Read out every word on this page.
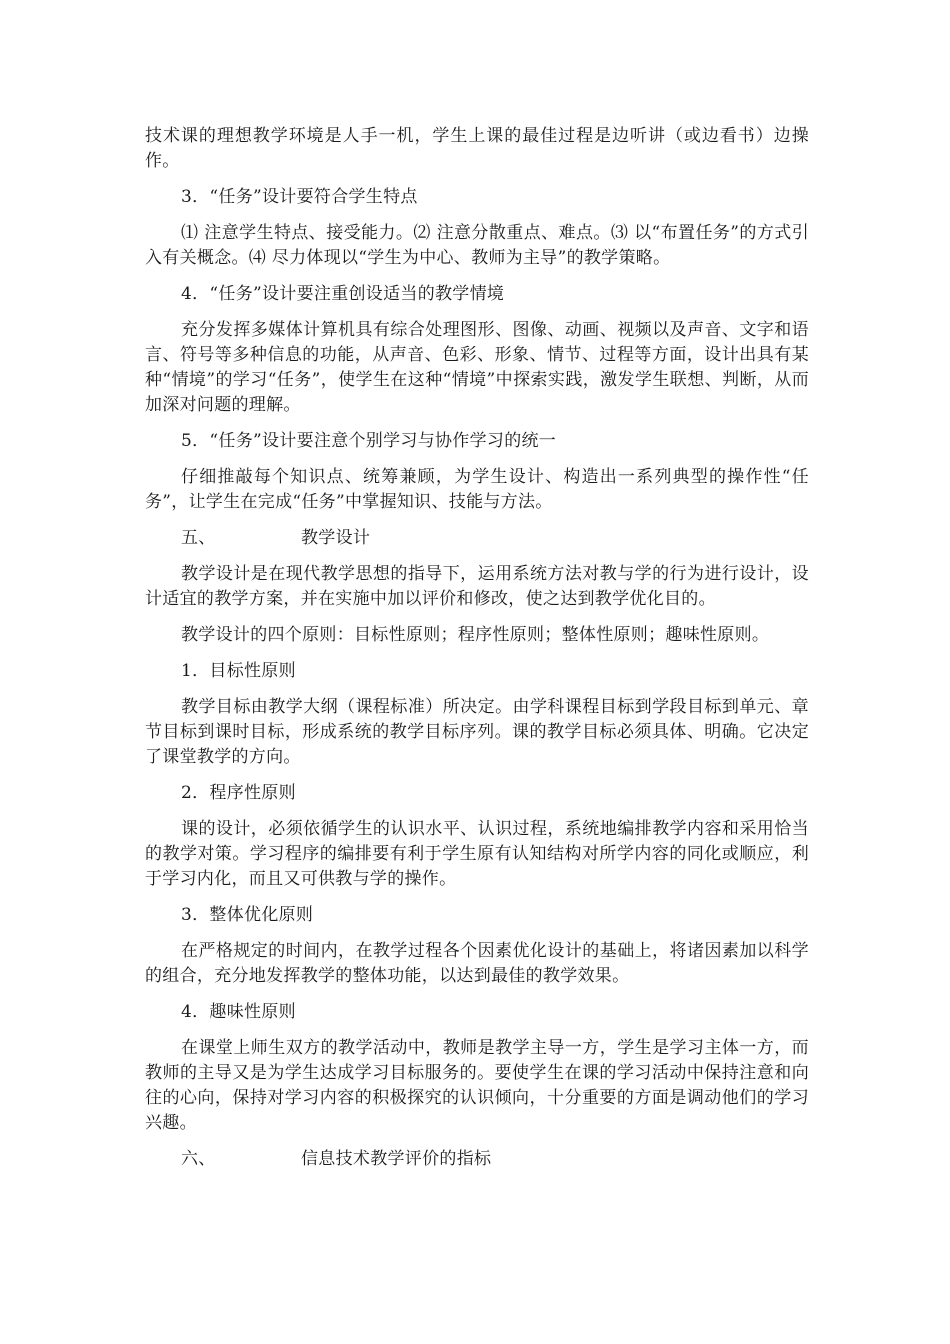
技术课的理想教学环境是人手一机，学生上课的最佳过程是边听讲（或边看书）边操作。

3．“任务”设计要符合学生特点

⑴ 注意学生特点、接受能力。⑵ 注意分散重点、难点。⑶ 以“布置任务”的方式引入有关概念。⑷ 尽力体现以“学生为中心、教师为主导”的教学策略。

4．“任务”设计要注重创设适当的教学情境

充分发挥多媒体计算机具有综合处理图形、图像、动画、视频以及声音、文字和语言、符号等多种信息的功能，从声音、色彩、形象、情节、过程等方面，设计出具有某种“情境”的学习“任务”，使学生在这种“情境”中探索实践，激发学生联想、判断，从而加深对问题的理解。

5．“任务”设计要注意个别学习与协作学习的统一

仔细推敲每个知识点、统筹兼顾，为学生设计、构造出一系列典型的操作性“任务”，让学生在完成“任务”中掌握知识、技能与方法。

五、	教学设计

教学设计是在现代教学思想的指导下，运用系统方法对教与学的行为进行设计，设计适宜的教学方案，并在实施中加以评价和修改，使之达到教学优化目的。

教学设计的四个原则：目标性原则；程序性原则；整体性原则；趣味性原则。

1．目标性原则

教学目标由教学大纲（课程标准）所决定。由学科课程目标到学段目标到单元、章节目标到课时目标，形成系统的教学目标序列。课的教学目标必须具体、明确。它决定了课堂教学的方向。

2．程序性原则

课的设计，必须依循学生的认识水平、认识过程，系统地编排教学内容和采用恰当的教学对策。学习程序的编排要有利于学生原有认知结构对所学内容的同化或顺应，利于学习内化，而且又可供教与学的操作。

3．整体优化原则

在严格规定的时间内，在教学过程各个因素优化设计的基础上，将诸因素加以科学的组合，充分地发挥教学的整体功能，以达到最佳的教学效果。

4．趣味性原则

在课堂上师生双方的教学活动中，教师是教学主导一方，学生是学习主体一方，而教师的主导又是为学生达成学习目标服务的。要使学生在课的学习活动中保持注意和向往的心向，保持对学习内容的积极探究的认识倾向，十分重要的方面是调动他们的学习兴趣。

六、	信息技术教学评价的指标
